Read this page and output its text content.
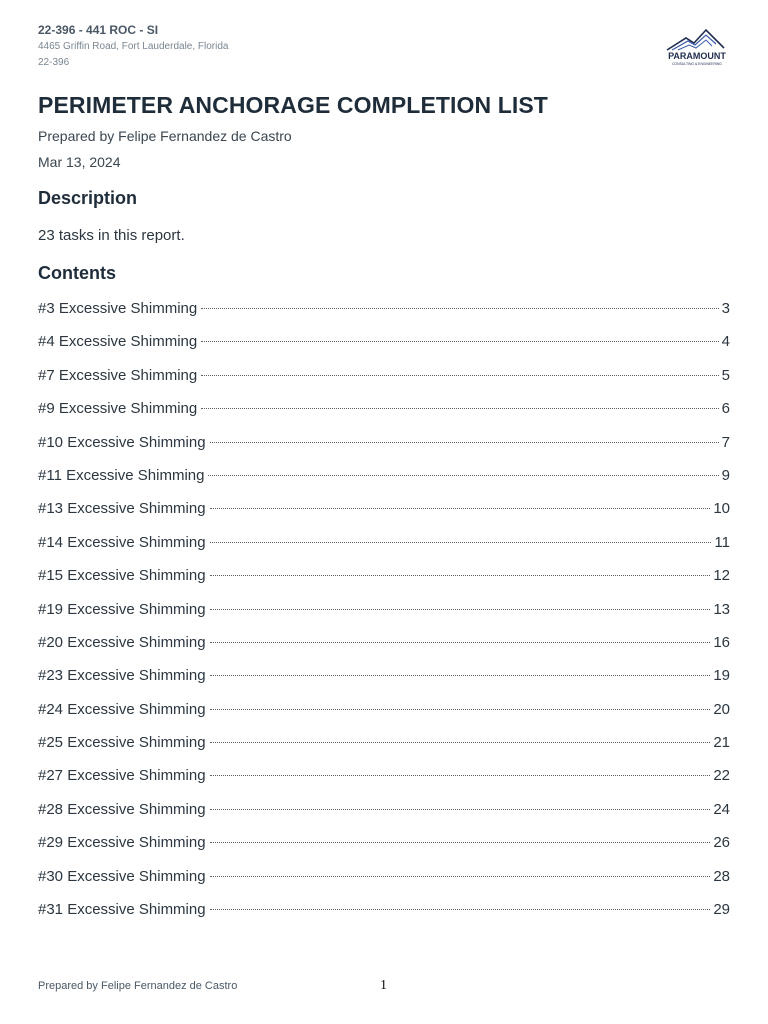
22-396 - 441 ROC - SI

4465 Griffin Road, Fort Lauderdale, Florida

22-396

PARAMOUNT
CONSULTING & ENGINEERING
PERIMETER ANCHORAGE COMPLETION LIST

Prepared by Felipe Fernandez de Castro

Mar 13, 2024

Description

23 tasks in this report.

Contents
#3 Excessive Shimming	3
#4 Excessive Shimming	4
#7 Excessive Shimming	5
#9 Excessive Shimming	6
#10 Excessive Shimming	7
#11 Excessive Shimming	9
#13 Excessive Shimming	10
#14 Excessive Shimming	11
#15 Excessive Shimming	12
#19 Excessive Shimming	13
#20 Excessive Shimming	16
#23 Excessive Shimming	19
#24 Excessive Shimming	20
#25 Excessive Shimming	21
#27 Excessive Shimming	22
#28 Excessive Shimming	24
#29 Excessive Shimming	26
#30 Excessive Shimming	28
#31 Excessive Shimming	29

Prepared by Felipe Fernandez de Castro	1
